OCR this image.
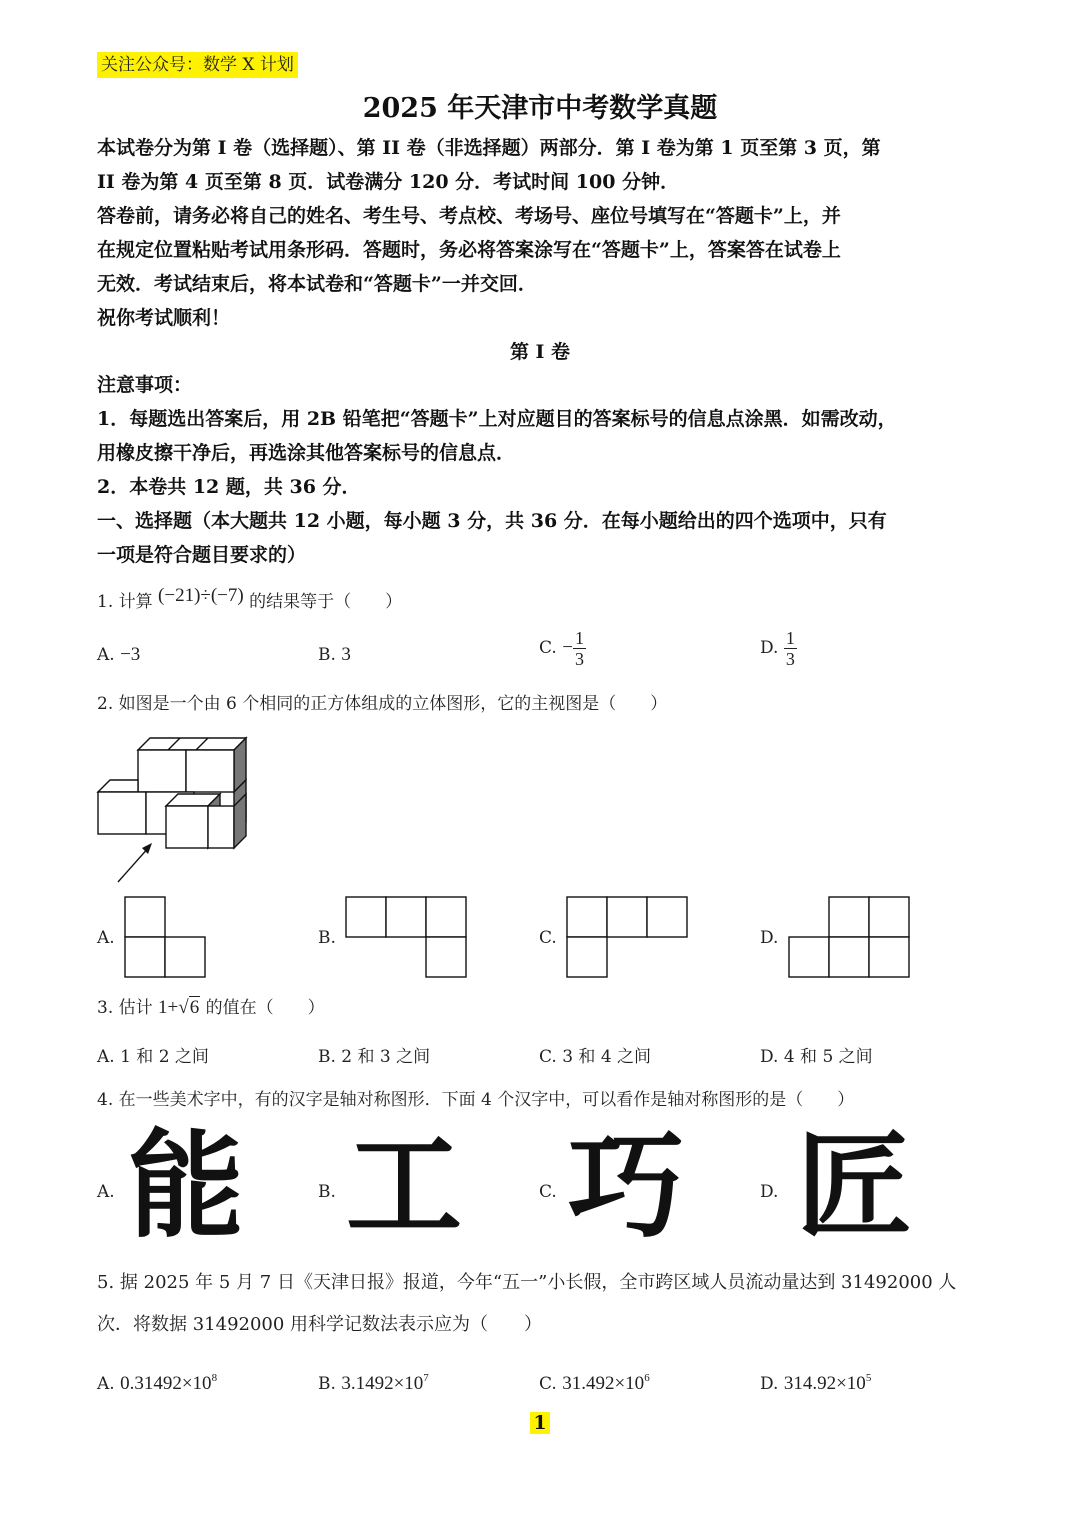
关注公众号：数学 X 计划
2025 年天津市中考数学真题
本试卷分为第 I 卷（选择题）、第 II 卷（非选择题）两部分．第 I 卷为第 1 页至第 3 页，第
II 卷为第 4 页至第 8 页．试卷满分 120 分．考试时间 100 分钟．
答卷前，请务必将自己的姓名、考生号、考点校、考场号、座位号填写在“答题卡”上，并
在规定位置粘贴考试用条形码．答题时，务必将答案涂写在“答题卡”上，答案答在试卷上
无效．考试结束后，将本试卷和“答题卡”一并交回．
祝你考试顺利！
第 I 卷
注意事项：
1．每题选出答案后，用 2B 铅笔把“答题卡”上对应题目的答案标号的信息点涂黑．如需改动，
用橡皮擦干净后，再选涂其他答案标号的信息点．
2．本卷共 12 题，共 36 分．
一、选择题（本大题共 12 小题，每小题 3 分，共 36 分．在每小题给出的四个选项中，只有
一项是符合题目要求的）
1. 计算 (−21)÷(−7) 的结果等于（　　）
A. −3	B. 3	C. − $\frac{1}{3}$	D. $\frac{1}{3}$
2. 如图是一个由 6 个相同的正方体组成的立体图形，它的主视图是（　　）
A.	B.	C.	D.
3. 估计 1+√6 的值在（　　）
A. 1 和 2 之间	B. 2 和 3 之间	C. 3 和 4 之间	D. 4 和 5 之间
4. 在一些美术字中，有的汉字是轴对称图形．下面 4 个汉字中，可以看作是轴对称图形的是（　　）
A. 能	B. 工	C. 巧	D. 匠
5. 据 2025 年 5 月 7 日《天津日报》报道，今年“五一”小长假，全市跨区域人员流动量达到 31492000 人
次．将数据 31492000 用科学记数法表示应为（　　）
A. $0.31492\times 10^8$	B. $3.1492\times 10^7$	C. $31.492\times 10^6$	D. $314.92\times 10^5$
1
